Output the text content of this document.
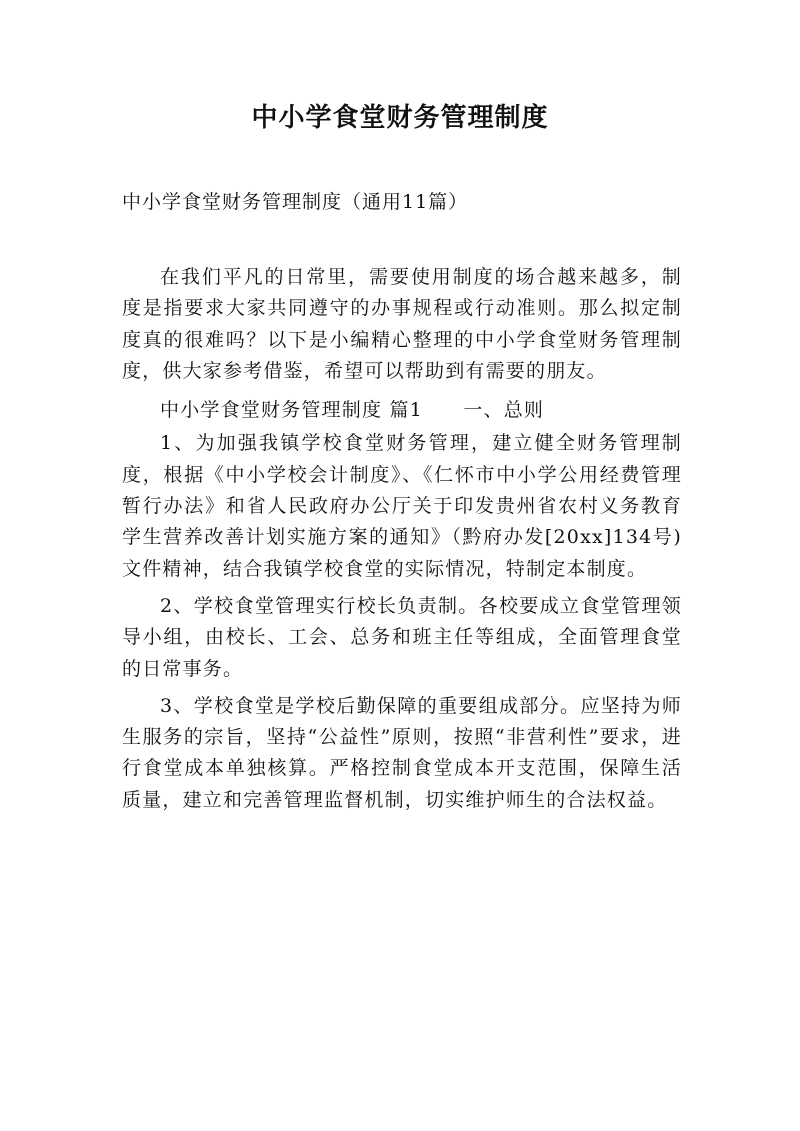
中小学食堂财务管理制度
中小学食堂财务管理制度（通用11篇）

在我们平凡的日常里，需要使用制度的场合越来越多，制度是指要求大家共同遵守的办事规程或行动准则。那么拟定制度真的很难吗？以下是小编精心整理的中小学食堂财务管理制度，供大家参考借鉴，希望可以帮助到有需要的朋友。

中小学食堂财务管理制度 篇1　　一、总则

1、为加强我镇学校食堂财务管理，建立健全财务管理制度，根据《中小学校会计制度》、《仁怀市中小学公用经费管理暂行办法》和省人民政府办公厅关于印发贵州省农村义务教育学生营养改善计划实施方案的通知》（黔府办发[20xx]134号)文件精神，结合我镇学校食堂的实际情况，特制定本制度。

2、学校食堂管理实行校长负责制。各校要成立食堂管理领导小组，由校长、工会、总务和班主任等组成，全面管理食堂的日常事务。

3、学校食堂是学校后勤保障的重要组成部分。应坚持为师生服务的宗旨，坚持“公益性”原则，按照“非营利性”要求，进行食堂成本单独核算。严格控制食堂成本开支范围，保障生活质量，建立和完善管理监督机制，切实维护师生的合法权益。
